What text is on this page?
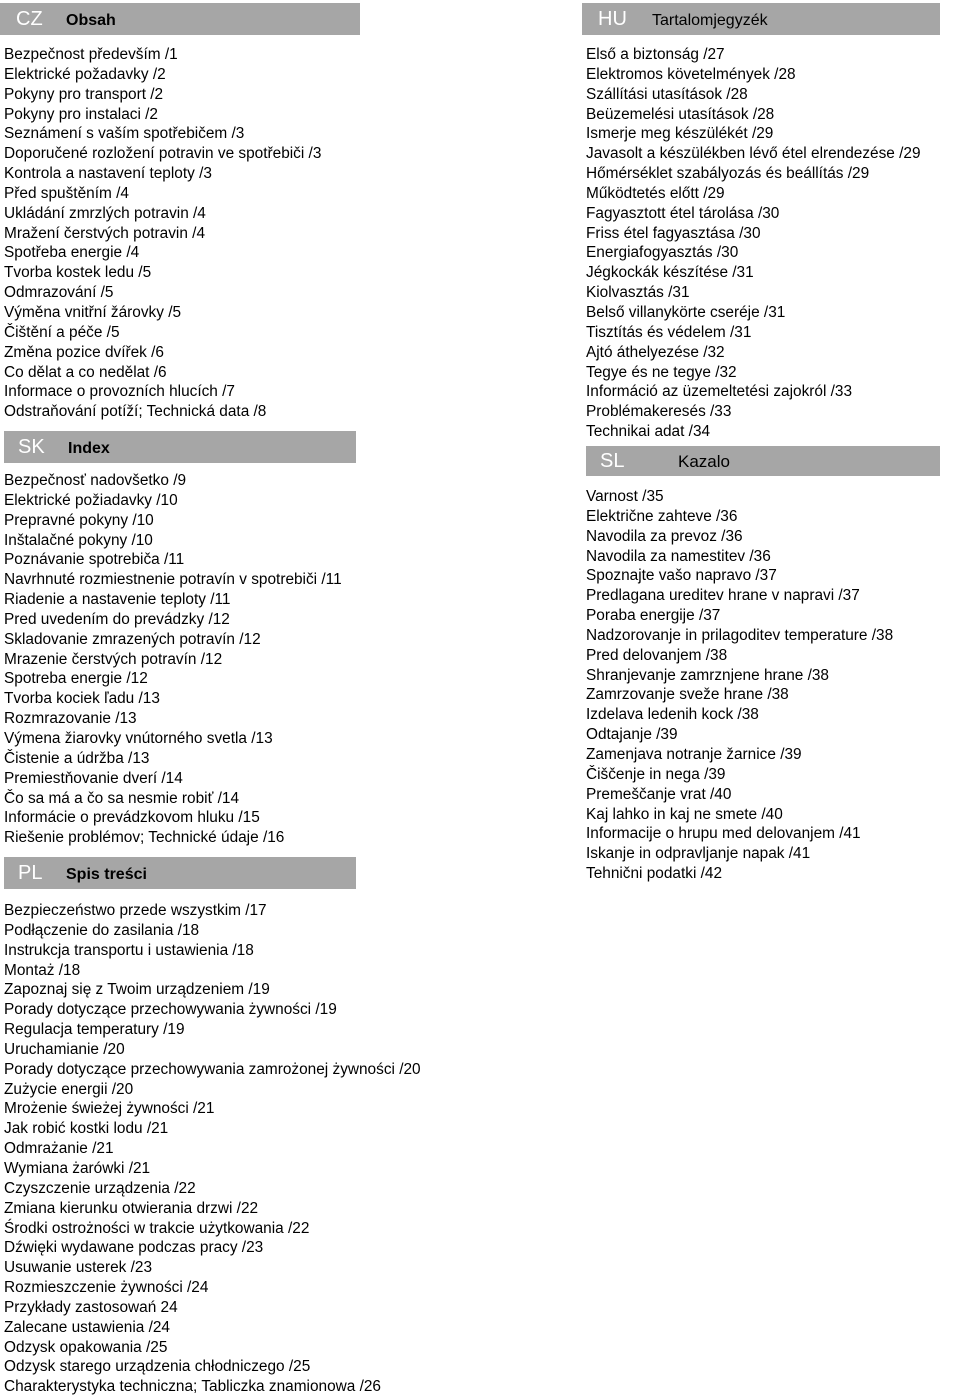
CZ Obsah
Bezpečnost především /1
Elektrické požadavky /2
Pokyny pro transport /2
Pokyny pro instalaci /2
Seznámení s vaším spotřebičem /3
Doporučené rozložení potravin ve spotřebiči /3
Kontrola a nastavení teploty /3
Před spuštěním /4
Ukládání zmrzlých potravin /4
Mražení čerstvých potravin /4
Spotřeba energie /4
Tvorba kostek ledu /5
Odmrazování /5
Výměna vnitřní žárovky /5
Čištění a péče /5
Změna pozice dvířek /6
Co dělat a co nedělat /6
Informace o provozních hlucích /7
Odstraňování potíží; Technická data /8
SK Index
Bezpečnosť nadovšetko /9
Elektrické požiadavky /10
Prepravné pokyny /10
Inštalačné pokyny /10
Poznávanie spotrebiča /11
Navrhnuté rozmiestnenie potravín v spotrebiči /11
Riadenie a nastavenie teploty /11
Pred uvedením do prevádzky /12
Skladovanie zmrazených potravín /12
Mrazenie čerstvých potravín /12
Spotreba energie /12
Tvorba kociek ľadu /13
Rozmrazovanie /13
Výmena žiarovky vnútorného svetla /13
Čistenie a údržba /13
Premiestňovanie dverí /14
Čo sa má a čo sa nesmie robiť /14
Informácie o prevádzkovom hluku /15
Riešenie problémov; Technické údaje /16
PL Spis treści
Bezpieczeństwo przede wszystkim /17
Podłączenie do zasilania /18
Instrukcja transportu i ustawienia /18
Montaż /18
Zapoznaj się z Twoim urządzeniem /19
Porady dotyczące przechowywania żywności /19
Regulacja temperatury /19
Uruchamianie /20
Porady dotyczące przechowywania zamrożonej żywności /20
Zużycie energii /20
Mrożenie świeżej żywności /21
Jak robić kostki lodu /21
Odmrażanie /21
Wymiana żarówki /21
Czyszczenie urządzenia /22
Zmiana kierunku otwierania drzwi /22
Środki ostrożności w trakcie użytkowania /22
Dźwięki wydawane podczas pracy /23
Usuwanie usterek /23
Rozmieszczenie żywności /24
Przykłady zastosowań 24
Zalecane ustawienia /24
Odzysk opakowania /25
Odzysk starego urządzenia chłodniczego /25
Charakterystyka techniczna; Tabliczka znamionowa /26
HU Tartalomjegyzék
Első a biztonság /27
Elektromos követelmények /28
Szállítási utasítások /28
Beüzemelési utasítások /28
Ismerje meg készülékét /29
Javasolt a készülékben lévő étel elrendezése /29
Hőmérséklet szabályozás és beállítás /29
Működtetés előtt /29
Fagyasztott étel tárolása /30
Friss étel fagyasztása /30
Energiafogyasztás /30
Jégkockák készítése /31
Kiolvasztás /31
Belső villanykörte cseréje /31
Tisztítás és védelem /31
Ajtó áthelyezése /32
Tegye és ne tegye /32
Információ az üzemeltetési zajokról /33
Problémakeresés /33
Technikai adat /34
SL	Kazalo
Varnost /35
Električne zahteve /36
Navodila za prevoz /36
Navodila za namestitev /36
Spoznajte vašo napravo /37
Predlagana ureditev hrane v napravi /37
Poraba energije /37
Nadzorovanje in prilagoditev temperature /38
Pred delovanjem /38
Shranjevanje zamrznjene hrane /38
Zamrzovanje sveže hrane /38
Izdelava ledenih kock /38
Odtajanje /39
Zamenjava notranje žarnice /39
Čiščenje in nega /39
Premeščanje vrat /40
Kaj lahko in kaj ne smete /40
Informacije o hrupu med delovanjem /41
Iskanje in odpravljanje napak /41
Tehnični podatki /42
